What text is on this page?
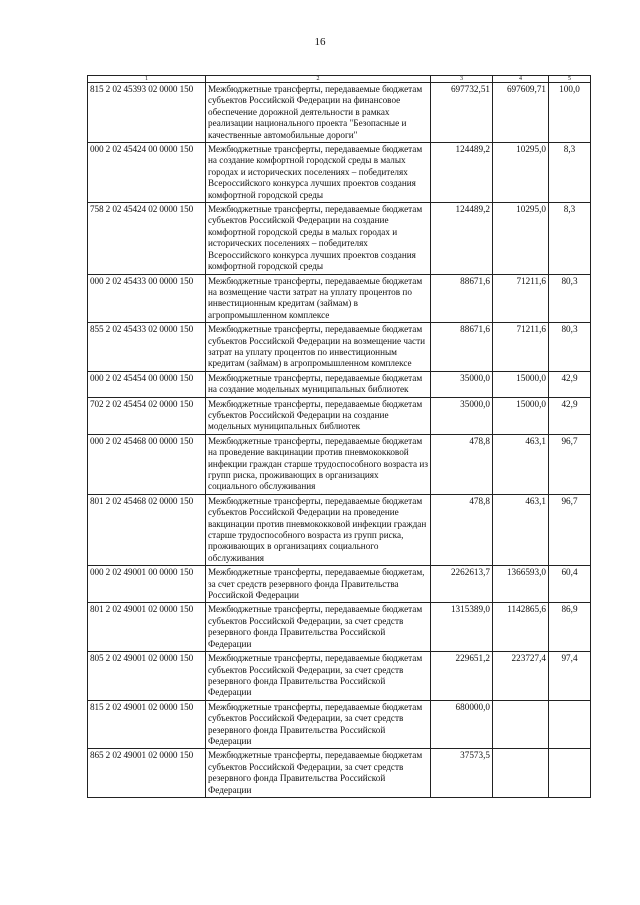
16
1	2	3	4	5
815 2 02 45393 02 0000 150	Межбюджетные трансферты, передаваемые бюджетам субъектов Российской Федерации на финансовое обеспечение дорожной деятельности в рамках реализации национального проекта "Безопасные и качественные автомобильные дороги"	697732,51	697609,71	100,0
000 2 02 45424 00 0000 150	Межбюджетные трансферты, передаваемые бюджетам на создание комфортной городской среды в малых городах и исторических поселениях – победителях Всероссийского конкурса лучших проектов создания комфортной городской среды	124489,2	10295,0	8,3
758 2 02 45424 02 0000 150	Межбюджетные трансферты, передаваемые бюджетам субъектов Российской Федерации на создание комфортной городской среды в малых городах и исторических поселениях – победителях Всероссийского конкурса лучших проектов создания комфортной городской среды	124489,2	10295,0	8,3
000 2 02 45433 00 0000 150	Межбюджетные трансферты, передаваемые бюджетам на возмещение части затрат на уплату процентов по инвестиционным кредитам (займам) в агропромышленном комплексе	88671,6	71211,6	80,3
855 2 02 45433 02 0000 150	Межбюджетные трансферты, передаваемые бюджетам субъектов Российской Федерации на возмещение части затрат на уплату процентов по инвестиционным кредитам (займам) в агропромышленном комплексе	88671,6	71211,6	80,3
000 2 02 45454 00 0000 150	Межбюджетные трансферты, передаваемые бюджетам на создание модельных муниципальных библиотек	35000,0	15000,0	42,9
702 2 02 45454 02 0000 150	Межбюджетные трансферты, передаваемые бюджетам субъектов Российской Федерации на создание модельных муниципальных библиотек	35000,0	15000,0	42,9
000 2 02 45468 00 0000 150	Межбюджетные трансферты, передаваемые бюджетам на проведение вакцинации против пневмококковой инфекции граждан старше трудоспособного возраста из групп риска, проживающих в организациях социального обслуживания	478,8	463,1	96,7
801 2 02 45468 02 0000 150	Межбюджетные трансферты, передаваемые бюджетам субъектов Российской Федерации на проведение вакцинации против пневмококковой инфекции граждан старше трудоспособного возраста из групп риска, проживающих в организациях социального обслуживания	478,8	463,1	96,7
000 2 02 49001 00 0000 150	Межбюджетные трансферты, передаваемые бюджетам, за счет средств резервного фонда Правительства Российской Федерации	2262613,7	1366593,0	60,4
801 2 02 49001 02 0000 150	Межбюджетные трансферты, передаваемые бюджетам субъектов Российской Федерации, за счет средств резервного фонда Правительства Российской Федерации	1315389,0	1142865,6	86,9
805 2 02 49001 02 0000 150	Межбюджетные трансферты, передаваемые бюджетам субъектов Российской Федерации, за счет средств резервного фонда Правительства Российской Федерации	229651,2	223727,4	97,4
815 2 02 49001 02 0000 150	Межбюджетные трансферты, передаваемые бюджетам субъектов Российской Федерации, за счет средств резервного фонда Правительства Российской Федерации	680000,0		
865 2 02 49001 02 0000 150	Межбюджетные трансферты, передаваемые бюджетам субъектов Российской Федерации, за счет средств резервного фонда Правительства Российской Федерации	37573,5		
